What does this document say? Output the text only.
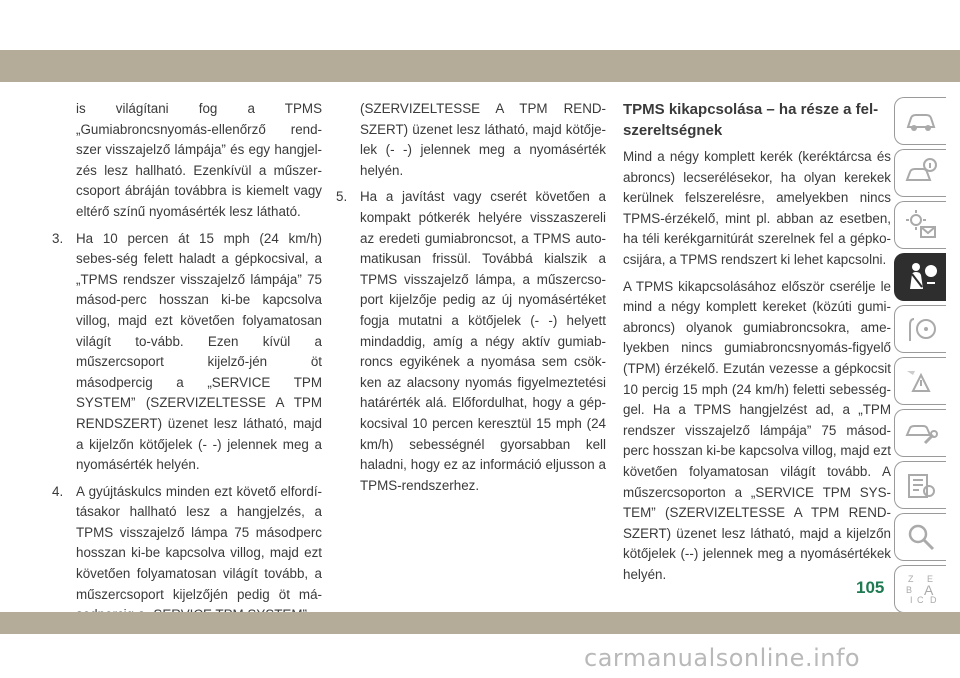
is világítani fog a TPMS „Gumiabroncsnyomás-ellenőrző rend-szer visszajelző lámpája” és egy hangjel-zés lesz hallható. Ezenkívül a műszer-csoport ábráján továbbra is kiemelt vagy eltérő színű nyomásérték lesz látható.

3. Ha 10 percen át 15 mph (24 km/h) sebes-ség felett haladt a gépkocsival, a „TPMS rendszer visszajelző lámpája” 75 másod-perc hosszan ki-be kapcsolva villog, majd ezt követően folyamatosan világít to-vább. Ezen kívül a műszercsoport kijelző-jén öt másodpercig a „SERVICE TPM SYSTEM” (SZERVIZELTESSE A TPM RENDSZERT) üzenet lesz látható, majd a kijelzőn kötőjelek (- -) jelennek meg a nyomásérték helyén.

4. A gyújtáskulcs minden ezt követő elfordí-tásakor hallható lesz a hangjelzés, a TPMS visszajelző lámpa 75 másodperc hosszan ki-be kapcsolva villog, majd ezt követően folyamatosan világít tovább, a műszercsoport kijelzőjén pedig öt má-

(SZERVIZELTESSE A TPM REND-SZERT) üzenet lesz látható, majd kötője-lek (- -) jelennek meg a nyomásérték helyén.

5. Ha a javítást vagy cserét követően a kompakt pótkerék helyére visszaszereli az eredeti gumiabroncsot, a TPMS auto-matikusan frissül. Továbbá kialszik a TPMS visszajelző lámpa, a műszercso-port kijelzője pedig az új nyomásértéket fogja mutatni a kötőjelek (- -) helyett mindaddig, amíg a négy aktív gumiab-roncs egyikének a nyomása sem csök-ken az alacsony nyomás figyelmeztetési határérték alá. Előfordulhat, hogy a gép-kocsival 10 percen keresztül 15 mph (24 km/h) sebességnél gyorsabban kell haladni, hogy ez az információ eljusson a TPMS-rendszerhez.

TPMS kikapcsolása – ha része a fel-szereltségnek

Mind a négy komplett kerék (keréktárcsa és abroncs) lecserélésekor, ha olyan kerekek kerülnek felszerelésre, amelyekben nincs TPMS-érzékelő, mint pl. abban az esetben, ha téli kerékgarnitúrát szerelnek fel a gépko-csijára, a TPMS rendszert ki lehet kapcsolni.

A TPMS kikapcsolásához először cserélje le mind a négy komplett kereket (közúti gumi-abroncs) olyanok gumiabroncsokra, ame-lyekben nincs gumiabroncsnyomás-figyelő (TPM) érzékelő. Ezután vezesse a gépkocsit 10 percig 15 mph (24 km/h) feletti sebesség-gel. Ha a TPMS hangjelzést ad, a „TPM rendszer visszajelző lámpája” 75 másod-perc hosszan ki-be kapcsolva villog, majd ezt követően folyamatosan világít tovább. A műszercsoporton a „SERVICE TPM SYS-TEM” (SZERVIZELTESSE A TPM REND-SZERT) üzenet lesz látható, majd a kijelzőn kötőjelek (--) jelennek meg a nyomásértékek helyén.	Z E
B A
I C D
105
carmanualsonline.info
